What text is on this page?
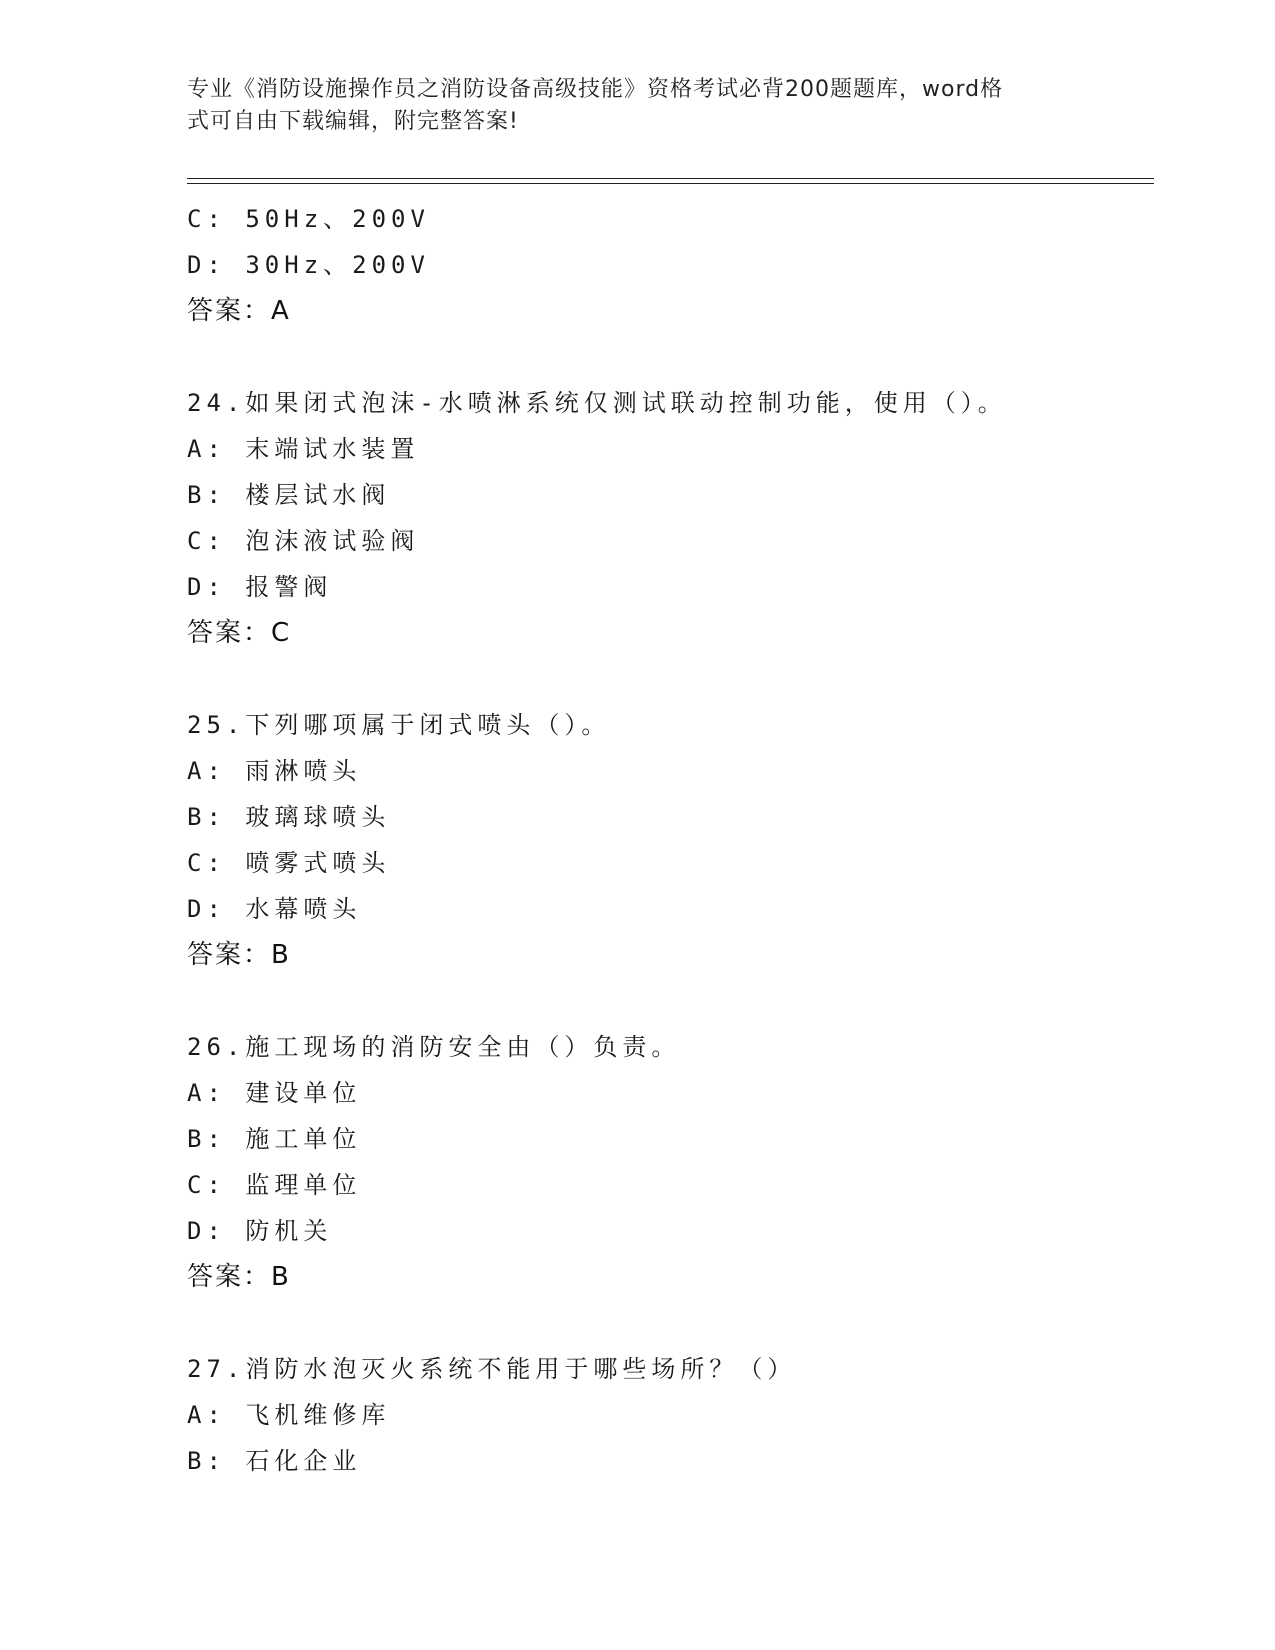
专业《消防设施操作员之消防设备高级技能》资格考试必背200题题库，word格
式可自由下载编辑，附完整答案!
C: 50Hz、200V
D: 30Hz、200V
答案：A
24.如果闭式泡沫-水喷淋系统仅测试联动控制功能，使用（）。
A: 末端试水装置
B: 楼层试水阀
C: 泡沫液试验阀
D: 报警阀
答案：C
25.下列哪项属于闭式喷头（）。
A: 雨淋喷头
B: 玻璃球喷头
C: 喷雾式喷头
D: 水幕喷头
答案：B
26.施工现场的消防安全由（）负责。
A: 建设单位
B: 施工单位
C: 监理单位
D: 防机关
答案：B
27.消防水泡灭火系统不能用于哪些场所？（）
A: 飞机维修库
B: 石化企业
